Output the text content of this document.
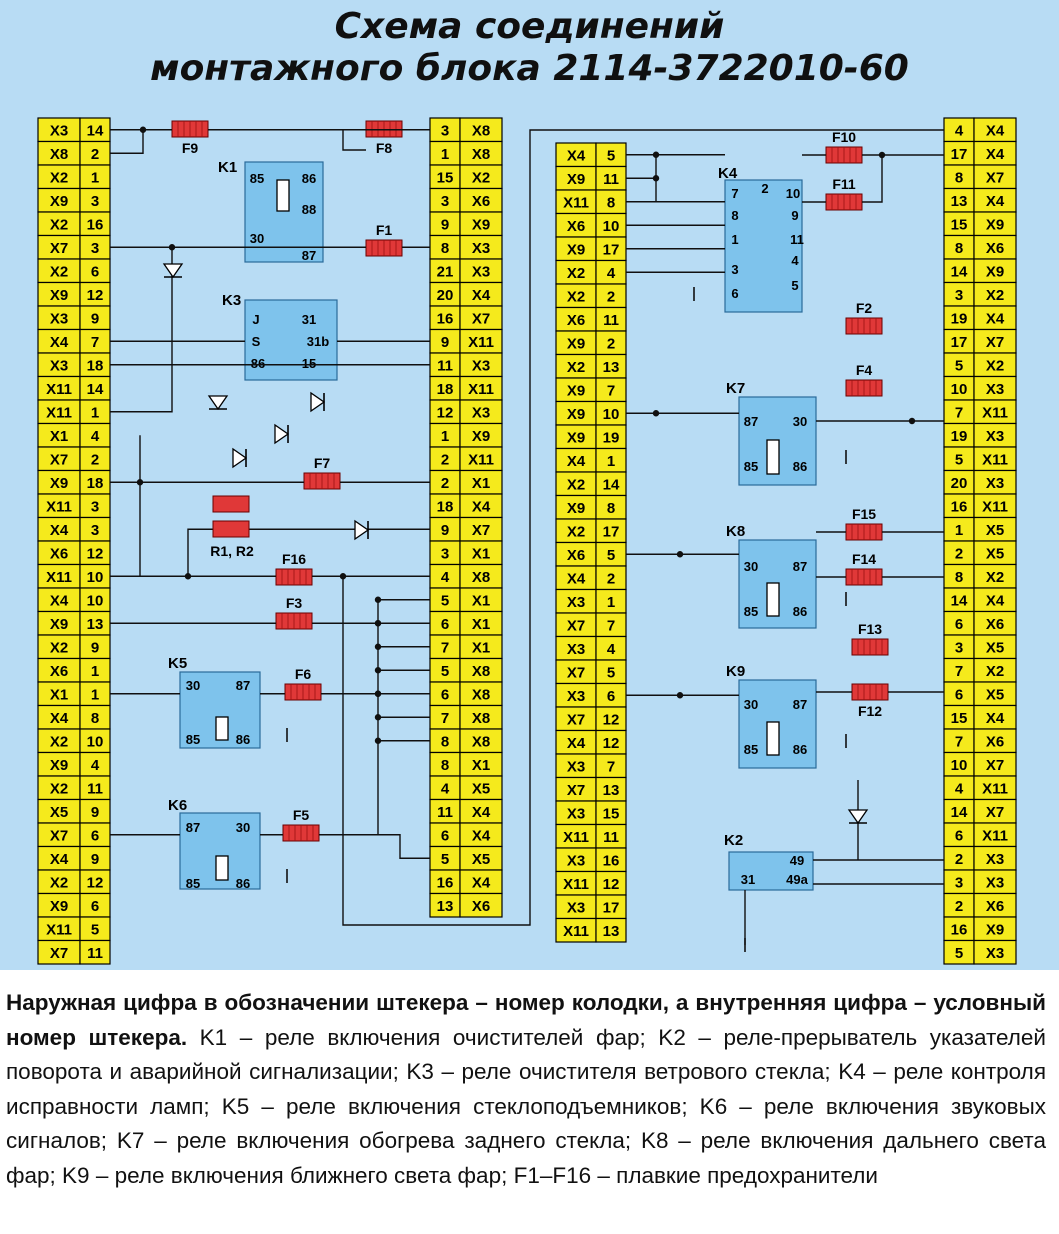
Схема соединений
монтажного блока 2114-3722010-60
X3 14
X8 2
X2 1
X9 3
X2 16
X7 3
X2 6
X9 12
X3 9
X4 7
X3 18
X11 14
X11 1
X1 4
X7 2
X9 18
X11 3
X4 3
X6 12
X11 10
X4 10
X9 13
X2 9
X6 1
X1 1
X4 8
X2 10
X9 4
X2 11
X5 9
X7 6
X4 9
X2 12
X9 6
X11 5
X7 11
3 X8
1 X8
15 X2
3 X6
9 X9
8 X3
21 X3
20 X4
16 X7
9 X11
11 X3
18 X11
12 X3
1 X9
2 X11
2 X1
18 X4
9 X7
3 X1
4 X8
5 X1
6 X1
7 X1
5 X8
6 X8
7 X8
8 X8
8 X1
4 X5
11 X4
6 X4
5 X5
16 X4
13 X6
X4 5
X9 11
X11 8
X6 10
X9 17
X2 4
X2 2
X6 11
X9 2
X2 13
X9 7
X9 10
X9 19
X4 1
X2 14
X9 8
X2 17
X6 5
X4 2
X3 1
X7 7
X3 4
X7 5
X3 6
X7 12
X4 12
X3 7
X7 13
X3 15
X11 11
X3 16
X11 12
X3 17
X11 13
4 X4
17 X4
8 X7
13 X4
15 X9
8 X6
14 X9
3 X2
19 X4
17 X7
5 X2
10 X3
7 X11
19 X3
5 X11
20 X3
16 X11
1 X5
2 X5
8 X2
14 X4
6 X6
3 X5
7 X2
6 X5
15 X4
7 X6
10 X7
4 X11
14 X7
6 X11
2 X3
3 X3
2 X6
16 X9
5 X3
F9	F8
F1
F7
F16
F3
F6
F5
F10
F11
F2
F4
F15
F14
F13
F12
K1
85	86
88
30
87
K3
J	31
S	31b
86	15
K5
30	87
85	86
K6
87	30
85	86
K4
7 2 10
8	9
1	11
3
4
6
5
K7
87	30
85	86
K8
30	87
85	86
K9
30	87
85	86
K2
49
31 49a
R1, R2

Наружная цифра в обозначении штекера – номер колодки, а внутренняя цифра – условный номер штекера. K1 – реле включения очистителей фар; K2 – реле-прерыватель указателей поворота и аварийной сигнализации; K3 – реле очистителя ветрового стекла; K4 – реле контроля исправности ламп; K5 – реле включения стеклоподъемников; K6 – реле включения звуковых сигналов; K7 – реле включения обогрева заднего стекла; K8 – реле включения дальнего света фар; K9 – реле включения ближнего света фар; F1–F16 – плавкие предохранители
